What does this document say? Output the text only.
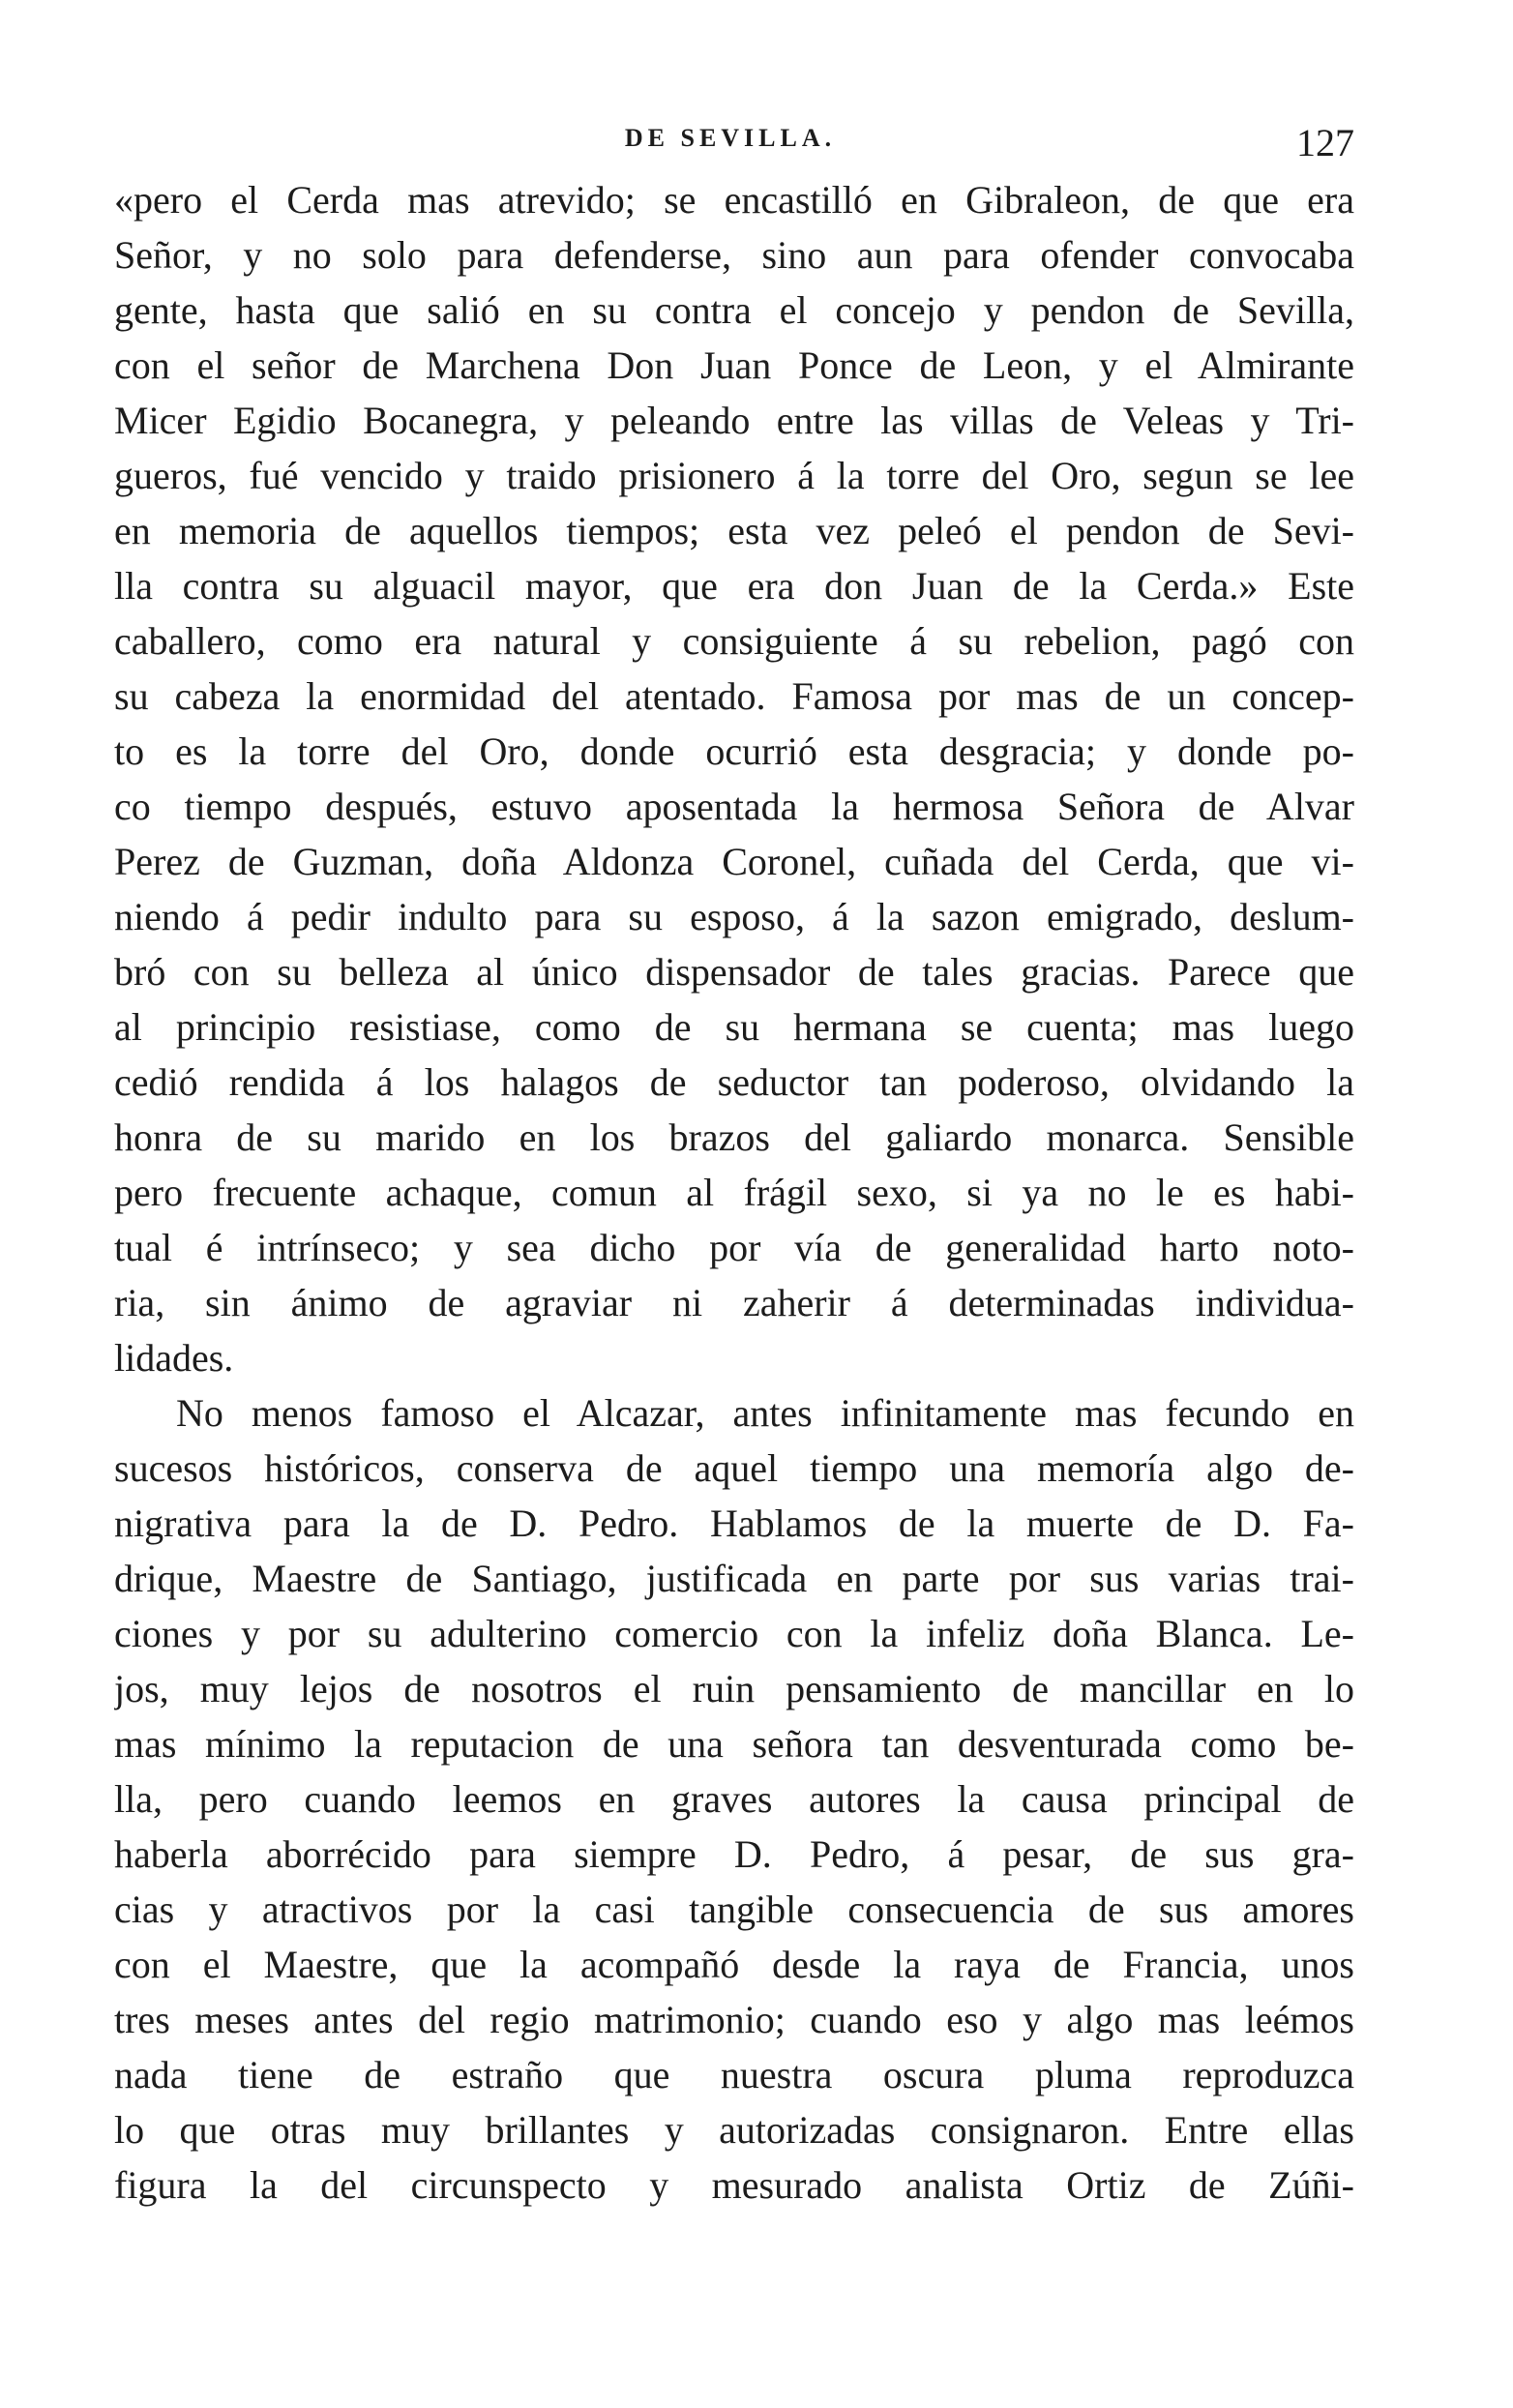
DE SEVILLA.	127
«pero el Cerda mas atrevido; se encastilló en Gibraleon, de que era
Señor, y no solo para defenderse, sino aun para ofender convocaba
gente, hasta que salió en su contra el concejo y pendon de Sevilla,
con el señor de Marchena Don Juan Ponce de Leon, y el Almirante
Micer Egidio Bocanegra, y peleando entre las villas de Veleas y Tri-
gueros, fué vencido y traido prisionero á la torre del Oro, segun se lee
en memoria de aquellos tiempos; esta vez peleó el pendon de Sevi-
lla contra su alguacil mayor, que era don Juan de la Cerda.» Este
caballero, como era natural y consiguiente á su rebelion, pagó con
su cabeza la enormidad del atentado. Famosa por mas de un concep-
to es la torre del Oro, donde ocurrió esta desgracia; y donde po-
co tiempo después, estuvo aposentada la hermosa Señora de Alvar
Perez de Guzman, doña Aldonza Coronel, cuñada del Cerda, que vi-
niendo á pedir indulto para su esposo, á la sazon emigrado, deslum-
bró con su belleza al único dispensador de tales gracias. Parece que
al principio resistiase, como de su hermana se cuenta; mas luego
cedió rendida á los halagos de seductor tan poderoso, olvidando la
honra de su marido en los brazos del galiardo monarca. Sensible
pero frecuente achaque, comun al frágil sexo, si ya no le es habi-
tual é intrínseco; y sea dicho por vía de generalidad harto noto-
ria, sin ánimo de agraviar ni zaherir á determinadas individua-
lidades.
No menos famoso el Alcazar, antes infinitamente mas fecundo en
sucesos históricos, conserva de aquel tiempo una memoría algo de-
nigrativa para la de D. Pedro. Hablamos de la muerte de D. Fa-
drique, Maestre de Santiago, justificada en parte por sus varias trai-
ciones y por su adulterino comercio con la infeliz doña Blanca. Le-
jos, muy lejos de nosotros el ruin pensamiento de mancillar en lo
mas mínimo la reputacion de una señora tan desventurada como be-
lla, pero cuando leemos en graves autores la causa principal de
haberla aborrécido para siempre D. Pedro, á pesar, de sus gra-
cias y atractivos por la casi tangible consecuencia de sus amores
con el Maestre, que la acompañó desde la raya de Francia, unos
tres meses antes del regio matrimonio; cuando eso y algo mas leémos
nada tiene de estraño que nuestra oscura pluma reproduzca
lo que otras muy brillantes y autorizadas consignaron. Entre ellas
figura la del circunspecto y mesurado analista Ortiz de Zúñi-
